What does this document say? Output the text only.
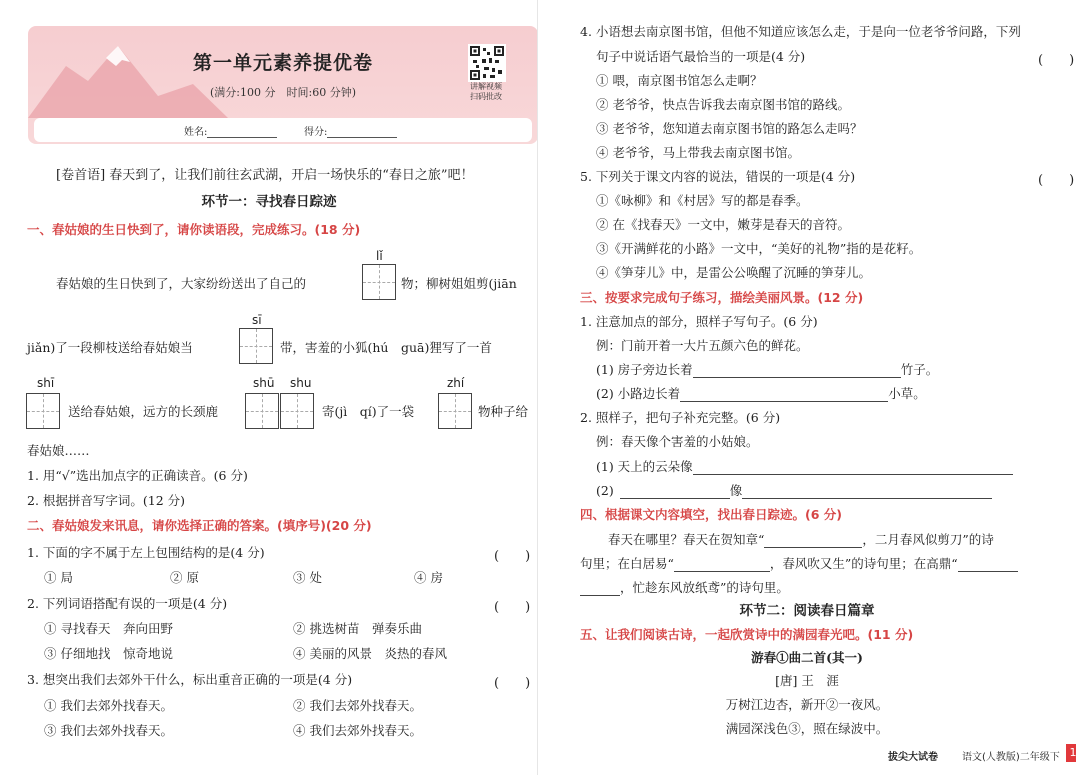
第一单元素养提优卷
(满分:100 分　时间:60 分钟)	讲解视频
扫码批改
姓名:	得分:
[卷首语] 春天到了，让我们前往玄武湖，开启一场快乐的“春日之旅”吧！
环节一：寻找春日踪迹
一、春姑娘的生日快到了，请你读语段，完成练习。(18 分)
lǐ
春姑娘的生日快到了，大家纷纷送出了自己的	物；柳树姐姐剪(jiān
sī
jiǎn)了一段柳枝送给春姑娘当	带，害羞的小狐(hú　guā)狸写了一首
shī	shū shu	zhí
送给春姑娘，远方的长颈鹿	寄(jì　qí)了一袋	物种子给
春姑娘……
1. 用“√”选出加点字的正确读音。(6 分)
2. 根据拼音写字词。(12 分)
二、春姑娘发来讯息，请你选择正确的答案。(填序号)(20 分)
1. 下面的字不属于左上包围结构的是(4 分)	(　　)
① 局	② 原	③ 处	④ 房
2. 下列词语搭配有误的一项是(4 分)	(　　)
① 寻找春天　奔向田野	② 挑选树苗　弹奏乐曲
③ 仔细地找　惊奇地说	④ 美丽的风景　炎热的春风
3. 想突出我们去郊外干什么，标出重音正确的一项是(4 分)	(　　)
① 我们去郊外找春天。	② 我们去郊外找春天。
③ 我们去郊外找春天。	④ 我们去郊外找春天。
4. 小语想去南京图书馆，但他不知道应该怎么走，于是向一位老爷爷问路，下列
句子中说话语气最恰当的一项是(4 分)	(　　)
① 喂，南京图书馆怎么走啊？
② 老爷爷，快点告诉我去南京图书馆的路线。
③ 老爷爷，您知道去南京图书馆的路怎么走吗？
④ 老爷爷，马上带我去南京图书馆。
5. 下列关于课文内容的说法，错误的一项是(4 分)	(　　)
①《咏柳》和《村居》写的都是春季。
② 在《找春天》一文中，嫩芽是春天的音符。
③《开满鲜花的小路》一文中，“美好的礼物”指的是花籽。
④《笋芽儿》中，是雷公公唤醒了沉睡的笋芽儿。
三、按要求完成句子练习，描绘美丽风景。(12 分)
1. 注意加点的部分，照样子写句子。(6 分)
例：门前开着一大片五颜六色的鲜花。
(1) 房子旁边长着	竹子。
(2) 小路边长着	小草。
2. 照样子，把句子补充完整。(6 分)
例：春天像个害羞的小姑娘。
(1) 天上的云朵像
(2)	像
四、根据课文内容填空，找出春日踪迹。(6 分)
春天在哪里？春天在贺知章“	，二月春风似剪刀”的诗
句里；在白居易“	，春风吹又生”的诗句里；在高鼎“
，忙趁东风放纸鸢”的诗句里。
环节二：阅读春日篇章
五、让我们阅读古诗，一起欣赏诗中的满园春光吧。(11 分)
游春①曲二首(其一)
[唐] 王　涯
万树江边杏，新开②一夜风。
满园深浅色③，照在绿波中。
拔尖大试卷 语文(人教版)二年级下 1
